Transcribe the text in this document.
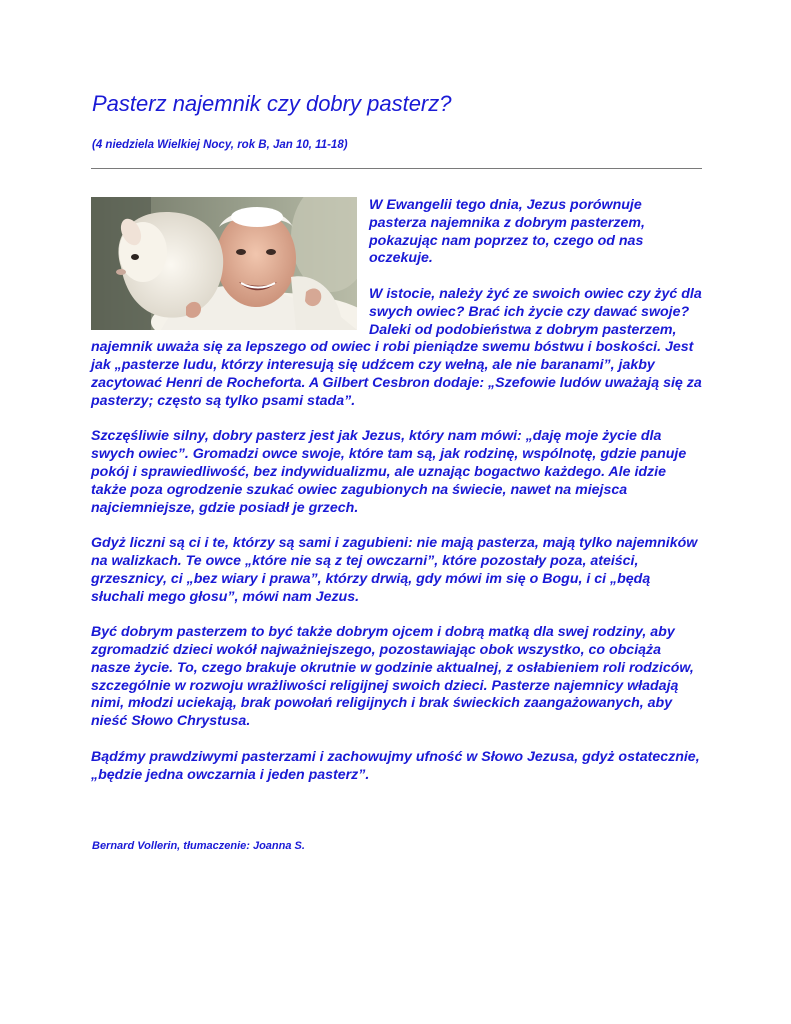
Pasterz najemnik czy dobry pasterz?

(4 niedziela Wielkiej Nocy, rok B, Jan 10, 11-18)

W Ewangelii tego dnia, Jezus porównuje pasterza najemnika z dobrym pasterzem, pokazując nam poprzez to, czego od nas oczekuje.

W istocie, należy żyć ze swoich owiec czy żyć dla swych owiec? Brać ich życie czy dawać swoje? Daleki od podobieństwa z dobrym pasterzem, najemnik uważa się za lepszego od owiec i robi pieniądze swemu bóstwu i boskości. Jest jak „pasterze ludu, którzy interesują się udźcem czy wełną, ale nie baranami”, jakby zacytować Henri de Rocheforta. A Gilbert Cesbron dodaje: „Szefowie ludów uważają się za pasterzy; często są tylko psami stada”.

Szczęśliwie silny, dobry pasterz jest jak Jezus, który nam mówi: „daję moje życie dla swych owiec”. Gromadzi owce swoje, które tam są, jak rodzinę, wspólnotę, gdzie panuje pokój i sprawiedliwość, bez indywidualizmu, ale uznając bogactwo każdego. Ale idzie także poza ogrodzenie szukać owiec zagubionych na świecie, nawet na miejsca najciemniejsze, gdzie posiadł je grzech.

Gdyż liczni są ci i te, którzy są sami i zagubieni: nie mają pasterza, mają tylko najemników na walizkach. Te owce „które nie są z tej owczarni”, które pozostały poza, ateiści, grzesznicy, ci „bez wiary i prawa”, którzy drwią, gdy mówi im się o Bogu, i ci „będą słuchali mego głosu”, mówi nam Jezus.

Być dobrym pasterzem to być także dobrym ojcem i dobrą matką dla swej rodziny, aby zgromadzić dzieci wokół najważniejszego, pozostawiając obok wszystko, co obciąża nasze życie. To, czego brakuje okrutnie w godzinie aktualnej, z osłabieniem roli rodziców, szczególnie w rozwoju wrażliwości religijnej swoich dzieci. Pasterze najemnicy władają nimi, młodzi uciekają, brak powołań religijnych i brak świeckich zaangażowanych, aby nieść Słowo Chrystusa.

Bądźmy prawdziwymi pasterzami i zachowujmy ufność w Słowo Jezusa, gdyż ostatecznie, „będzie jedna owczarnia i jeden pasterz”.

Bernard Vollerin, tłumaczenie: Joanna S.
